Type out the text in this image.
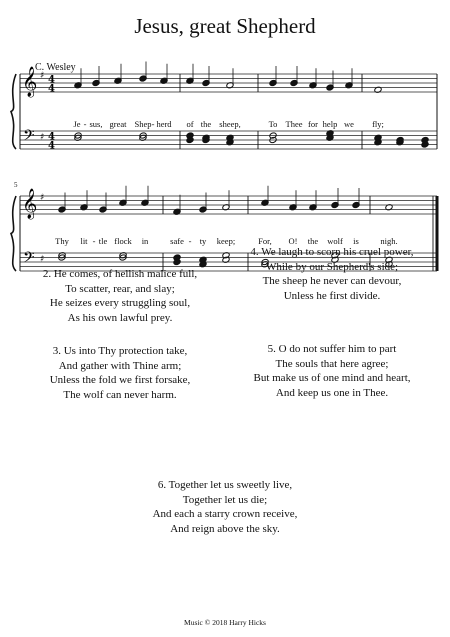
Jesus, great Shepherd
C. Wesley
5
𝄞
𝄢
♯
♯
4
4
4
4
𝄞
𝄢
♯
♯
Je - sus, great Shep - herd of the sheep,	To Thee for help we fly;
Thy lit - tle flock in	safe - ty keep;	For, O! the wolf is	nigh.

2. He comes, of hellish malice full,

To scatter, rear, and slay;

He seizes every struggling soul,

As his own lawful prey.

3. Us into Thy protection take,

And gather with Thine arm;

Unless the fold we first forsake,

The wolf can never harm.

4. We laugh to scorn his cruel power,

While by our Shepherd's side;

The sheep he never can devour,

Unless he first divide.

5. O do not suffer him to part

The souls that here agree;

But make us of one mind and heart,

And keep us one in Thee.

6. Together let us sweetly live,

Together let us die;

And each a starry crown receive,

And reign above the sky.

Music © 2018 Harry Hicks
